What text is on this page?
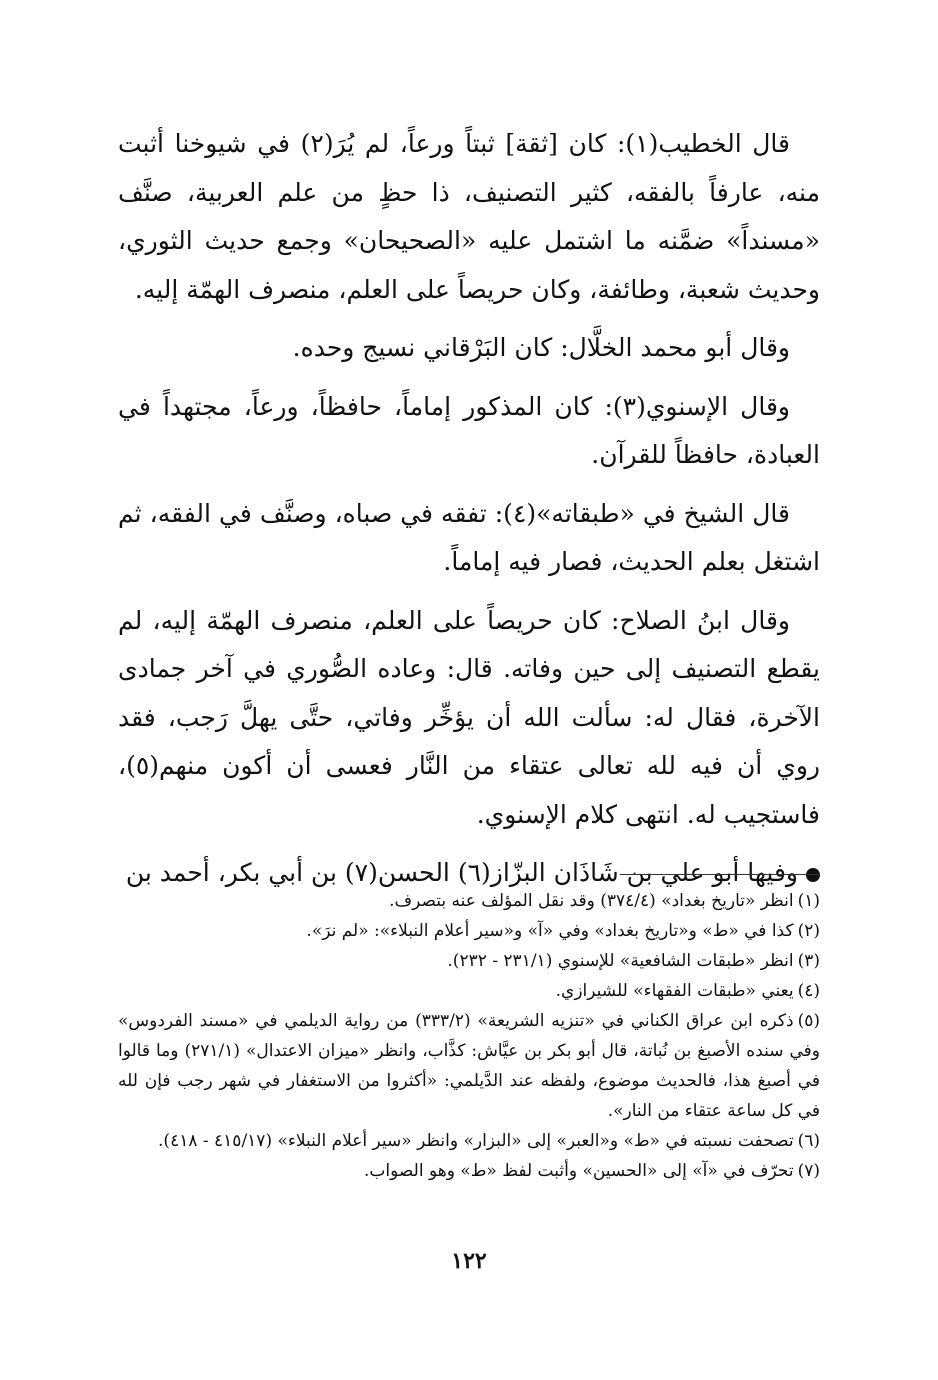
قال الخطيب(١): كان [ثقة] ثبتاً ورعاً، لم يُرَ(٢) في شيوخنا أثبت منه، عارفاً بالفقه، كثير التصنيف، ذا حظٍ من علم العربية، صنَّف «مسنداً» ضمَّنه ما اشتمل عليه «الصحيحان» وجمع حديث الثوري، وحديث شعبة، وطائفة، وكان حريصاً على العلم، منصرف الهمّة إليه.

وقال أبو محمد الخلَّال: كان البَرْقاني نسيج وحده.

وقال الإسنوي(٣): كان المذكور إماماً، حافظاً، ورعاً، مجتهداً في العبادة، حافظاً للقرآن.

قال الشيخ في «طبقاته»(٤): تفقه في صباه، وصنَّف في الفقه، ثم اشتغل بعلم الحديث، فصار فيه إماماً.

وقال ابنُ الصلاح: كان حريصاً على العلم، منصرف الهمّة إليه، لم يقطع التصنيف إلى حين وفاته. قال: وعاده الصُّوري في آخر جمادى الآخرة، فقال له: سألت الله أن يؤخِّر وفاتي، حتَّى يهلَّ رَجب، فقد روي أن فيه لله تعالى عتقاء من النَّار فعسى أن أكون منهم(٥)، فاستجيب له. انتهى كلام الإسنوي.

وفيها أبو علي بن شَاذَان البزّاز(٦) الحسن(٧) بن أبي بكر، أحمد بن

(١)انظر «تاريخ بغداد» (٣٧٤/٤) وقد نقل المؤلف عنه بتصرف.

(٢)كذا في «ط» و«تاريخ بغداد» وفي «آ» و«سير أعلام النبلاء»: «لم نرَ».

(٣)انظر «طبقات الشافعية» للإسنوي (٢٣١/١ - ٢٣٢).

(٤)يعني «طبقات الفقهاء» للشيرازي.

(٥)ذكره ابن عراق الكناني في «تنزيه الشريعة» (٣٣٣/٢) من رواية الديلمي في «مسند الفردوس» وفي سنده الأصبغ بن نُباتة، قال أبو بكر بن عيَّاش: كذَّاب، وانظر «ميزان الاعتدال» (٢٧١/١) وما قالوا في أصبغ هذا، فالحديث موضوع، ولفظه عند الدَّيلمي: «أكثروا من الاستغفار في شهر رجب فإن لله في كل ساعة عتقاء من النار».

(٦)تصحفت نسبته في «ط» و«العبر» إلى «البزار» وانظر «سير أعلام النبلاء» (٤١٥/١٧ - ٤١٨).

(٧)تحرّف في «آ» إلى «الحسين» وأثبت لفظ «ط» وهو الصواب.

١٢٢
